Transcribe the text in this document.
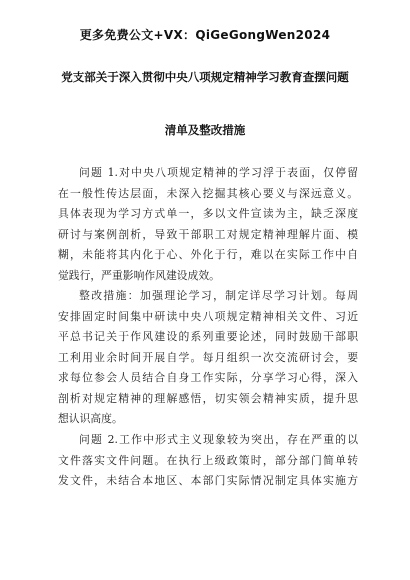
更多免费公文+VX：QiGeGongWen2024
党支部关于深入贯彻中央八项规定精神学习教育查摆问题
清单及整改措施
问题 1.对中央八项规定精神的学习浮于表面，仅停留
在一般性传达层面，未深入挖掘其核心要义与深远意义。
具体表现为学习方式单一，多以文件宣读为主，缺乏深度
研讨与案例剖析，导致干部职工对规定精神理解片面、模
糊，未能将其内化于心、外化于行，难以在实际工作中自
觉践行，严重影响作风建设成效。
整改措施：加强理论学习，制定详尽学习计划。每周
安排固定时间集中研读中央八项规定精神相关文件、习近
平总书记关于作风建设的系列重要论述，同时鼓励干部职
工利用业余时间开展自学。每月组织一次交流研讨会，要
求每位参会人员结合自身工作实际，分享学习心得，深入
剖析对规定精神的理解感悟，切实领会精神实质，提升思
想认识高度。
问题 2.工作中形式主义现象较为突出，存在严重的以
文件落实文件问题。在执行上级政策时，部分部门简单转
发文件，未结合本地区、本部门实际情况制定具体实施方
